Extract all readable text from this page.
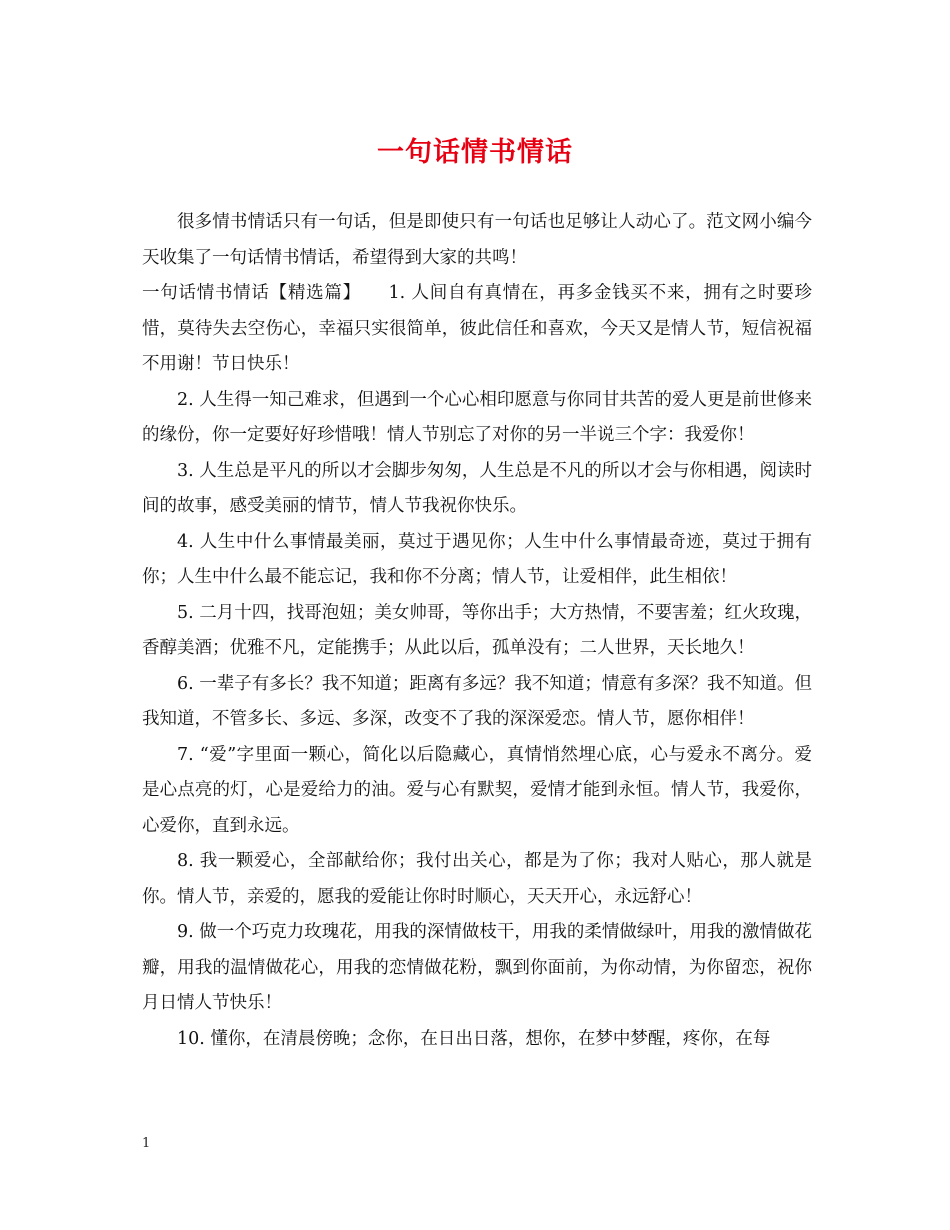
一句话情书情话

很多情书情话只有一句话，但是即使只有一句话也足够让人动心了。范文网小编今天收集了一句话情书情话，希望得到大家的共鸣！

一句话情书情话【精选篇】　　1. 人间自有真情在，再多金钱买不来，拥有之时要珍惜，莫待失去空伤心，幸福只实很简单，彼此信任和喜欢，今天又是情人节，短信祝福不用谢！节日快乐！

2. 人生得一知己难求，但遇到一个心心相印愿意与你同甘共苦的爱人更是前世修来的缘份，你一定要好好珍惜哦！情人节别忘了对你的另一半说三个字：我爱你！

3. 人生总是平凡的所以才会脚步匆匆，人生总是不凡的所以才会与你相遇，阅读时间的故事，感受美丽的情节，情人节我祝你快乐。

4. 人生中什么事情最美丽，莫过于遇见你；人生中什么事情最奇迹，莫过于拥有你；人生中什么最不能忘记，我和你不分离；情人节，让爱相伴，此生相依！

5. 二月十四，找哥泡妞；美女帅哥，等你出手；大方热情，不要害羞；红火玫瑰，香醇美酒；优雅不凡，定能携手；从此以后，孤单没有；二人世界，天长地久！

6. 一辈子有多长？我不知道；距离有多远？我不知道；情意有多深？我不知道。但我知道，不管多长、多远、多深，改变不了我的深深爱恋。情人节，愿你相伴！

7. “爱”字里面一颗心，简化以后隐藏心，真情悄然埋心底，心与爱永不离分。爱是心点亮的灯，心是爱给力的油。爱与心有默契，爱情才能到永恒。情人节，我爱你，心爱你，直到永远。

8. 我一颗爱心，全部献给你；我付出关心，都是为了你；我对人贴心，那人就是你。情人节，亲爱的，愿我的爱能让你时时顺心，天天开心，永远舒心！

9. 做一个巧克力玫瑰花，用我的深情做枝干，用我的柔情做绿叶，用我的激情做花瓣，用我的温情做花心，用我的恋情做花粉，飘到你面前，为你动情，为你留恋，祝你月日情人节快乐！

10. 懂你，在清晨傍晚；念你，在日出日落，想你，在梦中梦醒，疼你，在每

1
